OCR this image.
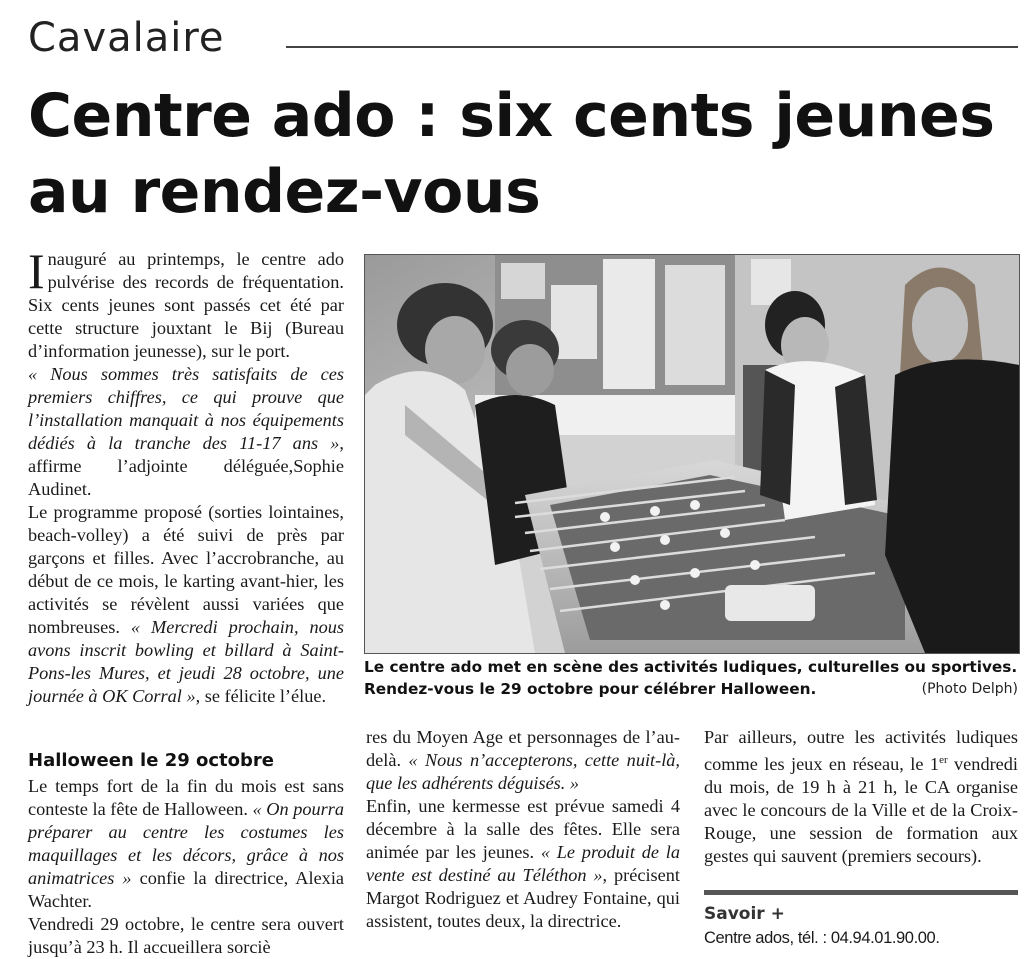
Cavalaire
Centre ado : six cents jeunes au rendez-vous

Inauguré au printemps, le centre ado pulvérise des records de fréquentation. Six cents jeunes sont passés cet été par cette structure jouxtant le Bij (Bureau d’information jeunesse), sur le port.

« Nous sommes très satisfaits de ces premiers chiffres, ce qui prouve que l’installation manquait à nos équipements dédiés à la tranche des 11-17 ans », affirme l’adjointe déléguée,Sophie Audinet.

Le programme proposé (sorties lointaines, beach-volley) a été suivi de près par garçons et filles. Avec l’accrobranche, au début de ce mois, le karting avant-hier, les activités se révèlent aussi variées que nombreuses. « Mercredi prochain, nous avons inscrit bowling et billard à Saint-Pons-les Mures, et jeudi 28 octobre, une journée à OK Corral », se félicite l’élue.

Halloween le 29 octobre

Le temps fort de la fin du mois est sans conteste la fête de Halloween. « On pourra préparer au centre les costumes les maquillages et les décors, grâce à nos animatrices » confie la directrice, Alexia Wachter.

Vendredi 29 octobre, le centre sera ouvert jusqu’à 23 h. Il accueillera sorciè

Le centre ado met en scène des activités ludiques, culturelles ou sportives. Rendez-vous le 29 octobre pour célébrer Halloween.	(Photo Delph)

res du Moyen Age et personnages de l’au-delà. « Nous n’accepterons, cette nuit-là, que les adhérents déguisés. »

Enfin, une kermesse est prévue samedi 4 décembre à la salle des fêtes. Elle sera animée par les jeunes. « Le produit de la vente est destiné au Téléthon », précisent Margot Rodriguez et Audrey Fontaine, qui assistent, toutes deux, la directrice.

Par ailleurs, outre les activités ludiques comme les jeux en réseau, le 1er vendredi du mois, de 19 h à 21 h, le CA organise avec le concours de la Ville et de la Croix-Rouge, une session de formation aux gestes qui sauvent (premiers secours).

Savoir +
Centre ados, tél. : 04.94.01.90.00.
